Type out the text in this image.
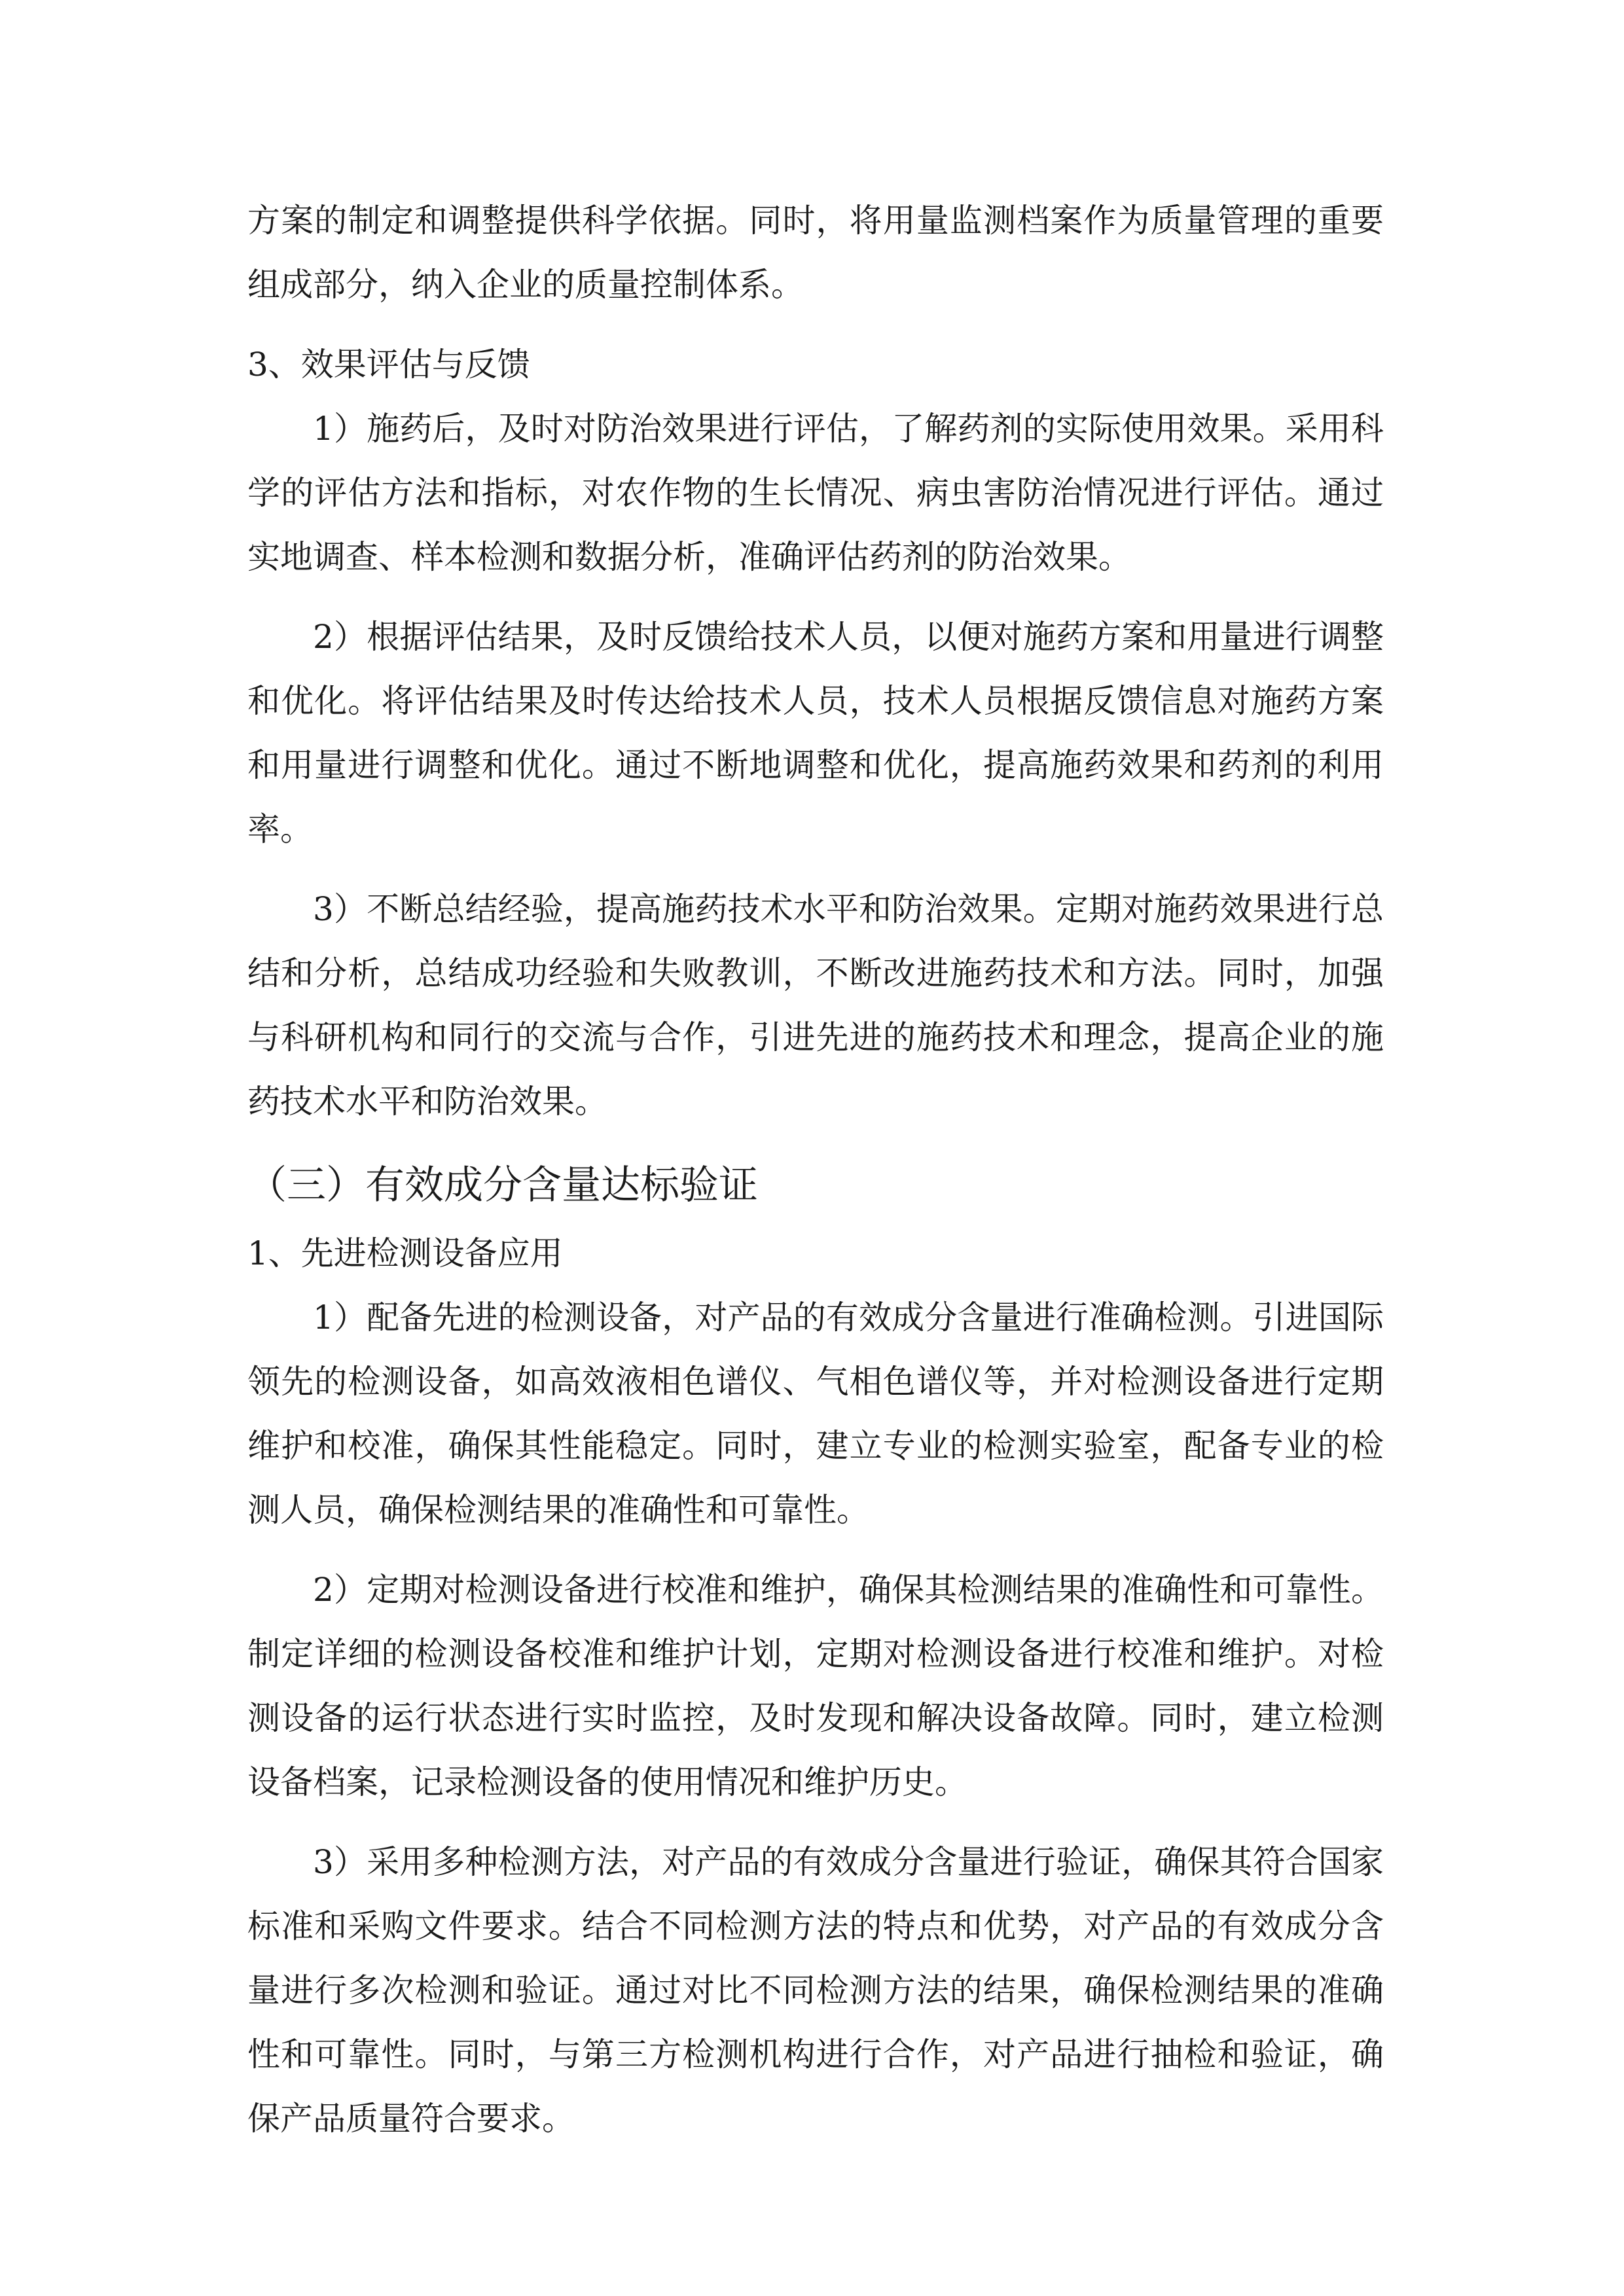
方案的制定和调整提供科学依据。同时，将用量监测档案作为质量管理的重要组成部分，纳入企业的质量控制体系。

3、效果评估与反馈

1）施药后，及时对防治效果进行评估，了解药剂的实际使用效果。采用科学的评估方法和指标，对农作物的生长情况、病虫害防治情况进行评估。通过实地调查、样本检测和数据分析，准确评估药剂的防治效果。

2）根据评估结果，及时反馈给技术人员，以便对施药方案和用量进行调整和优化。将评估结果及时传达给技术人员，技术人员根据反馈信息对施药方案和用量进行调整和优化。通过不断地调整和优化，提高施药效果和药剂的利用率。

3）不断总结经验，提高施药技术水平和防治效果。定期对施药效果进行总结和分析，总结成功经验和失败教训，不断改进施药技术和方法。同时，加强与科研机构和同行的交流与合作，引进先进的施药技术和理念，提高企业的施药技术水平和防治效果。

（三）有效成分含量达标验证

1、先进检测设备应用

1）配备先进的检测设备，对产品的有效成分含量进行准确检测。引进国际领先的检测设备，如高效液相色谱仪、气相色谱仪等，并对检测设备进行定期维护和校准，确保其性能稳定。同时，建立专业的检测实验室，配备专业的检测人员，确保检测结果的准确性和可靠性。

2）定期对检测设备进行校准和维护，确保其检测结果的准确性和可靠性。制定详细的检测设备校准和维护计划，定期对检测设备进行校准和维护。对检测设备的运行状态进行实时监控，及时发现和解决设备故障。同时，建立检测设备档案，记录检测设备的使用情况和维护历史。

3）采用多种检测方法，对产品的有效成分含量进行验证，确保其符合国家标准和采购文件要求。结合不同检测方法的特点和优势，对产品的有效成分含量进行多次检测和验证。通过对比不同检测方法的结果，确保检测结果的准确性和可靠性。同时，与第三方检测机构进行合作，对产品进行抽检和验证，确保产品质量符合要求。
